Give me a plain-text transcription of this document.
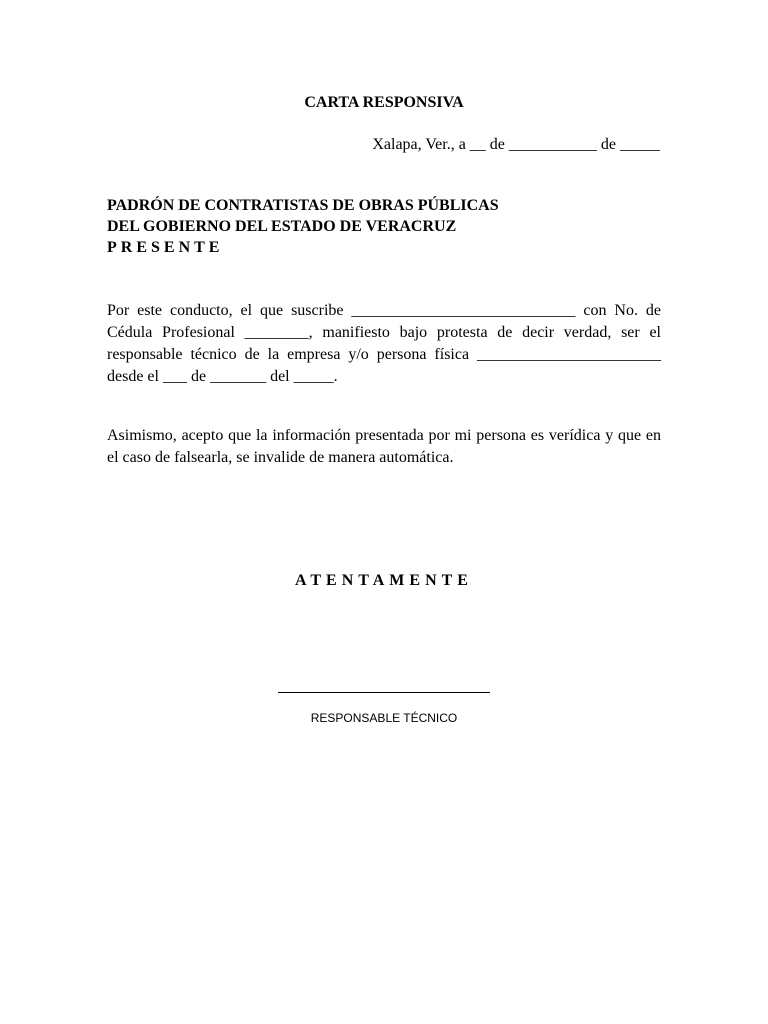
CARTA RESPONSIVA
Xalapa, Ver., a __ de ___________ de _____
PADRÓN DE CONTRATISTAS DE OBRAS PÚBLICAS
DEL GOBIERNO DEL ESTADO DE VERACRUZ
PRESENTE
Por este conducto, el que suscribe ____________________________ con No. de Cédula Profesional ________, manifiesto bajo protesta de decir verdad, ser el responsable técnico de la empresa y/o persona física _______________________ desde el ___ de _______ del _____.
Asimismo, acepto que la información presentada por mi persona es verídica y que en el caso de falsearla, se invalide de manera automática.
ATENTAMENTE
RESPONSABLE TÉCNICO
